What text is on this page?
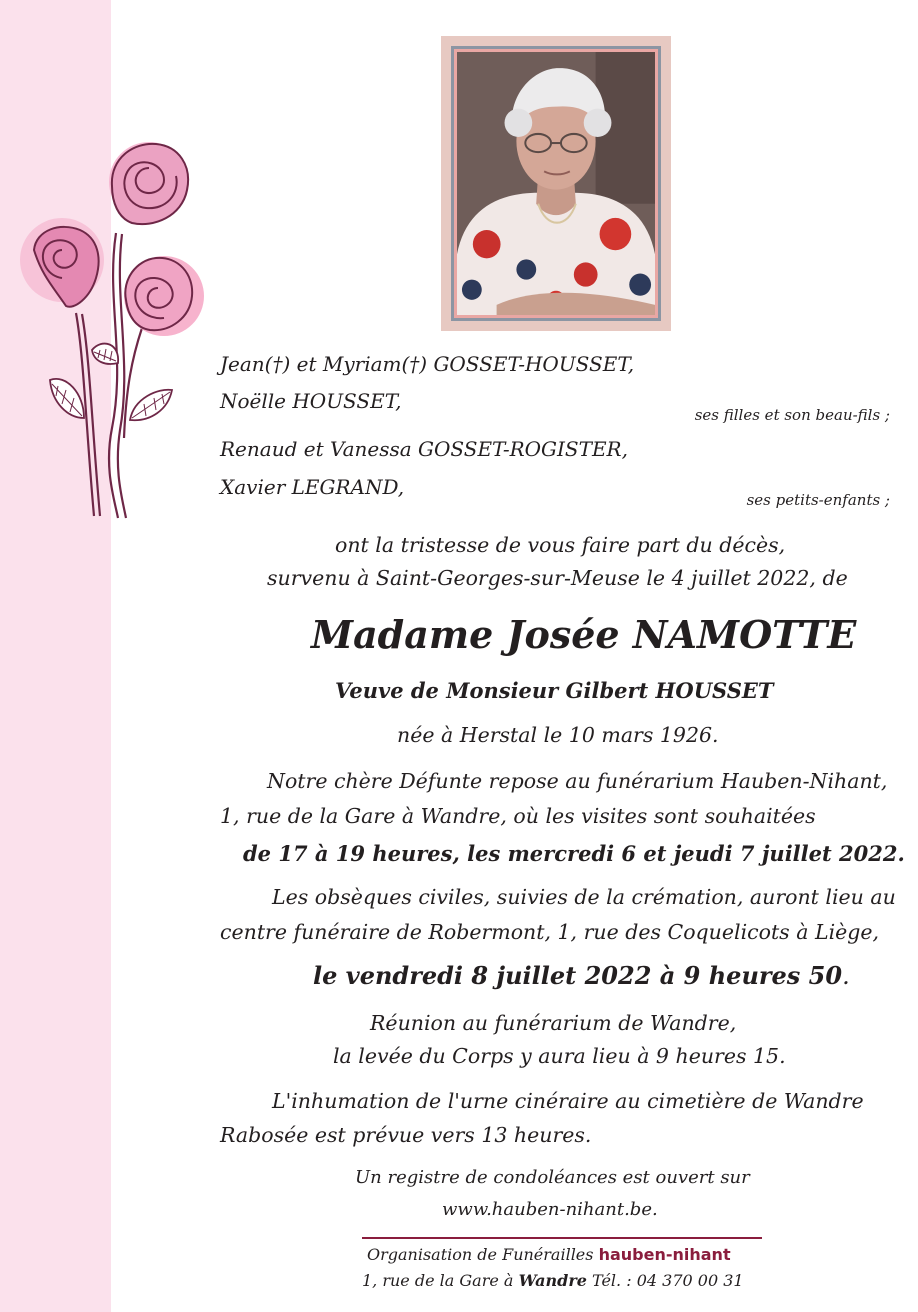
Jean(†) et Myriam(†) GOSSET-HOUSSET,
Noëlle HOUSSET,
ses filles et son beau-fils ;
Renaud et Vanessa GOSSET-ROGISTER,
Xavier LEGRAND,
ses petits-enfants ;
ont la tristesse de vous faire part du décès,
survenu à Saint-Georges-sur-Meuse le 4 juillet 2022, de
Madame Josée NAMOTTE
Veuve de Monsieur Gilbert HOUSSET
née à Herstal le 10 mars 1926.
Notre chère Défunte repose au funérarium Hauben-Nihant,
1, rue de la Gare à Wandre, où les visites sont souhaitées
de 17 à 19 heures, les mercredi 6 et jeudi 7 juillet 2022.
Les obsèques civiles, suivies de la crémation, auront lieu au
centre funéraire de Robermont, 1, rue des Coquelicots à Liège,
le vendredi 8 juillet 2022 à 9 heures 50.
Réunion au funérarium de Wandre,
la levée du Corps y aura lieu à 9 heures 15.
L'inhumation de l'urne cinéraire au cimetière de Wandre
Rabosée est prévue vers 13 heures.
Un registre de condoléances est ouvert sur
www.hauben-nihant.be.
Organisation de Funérailles hauben-nihant
1, rue de la Gare à Wandre Tél. : 04 370 00 31
